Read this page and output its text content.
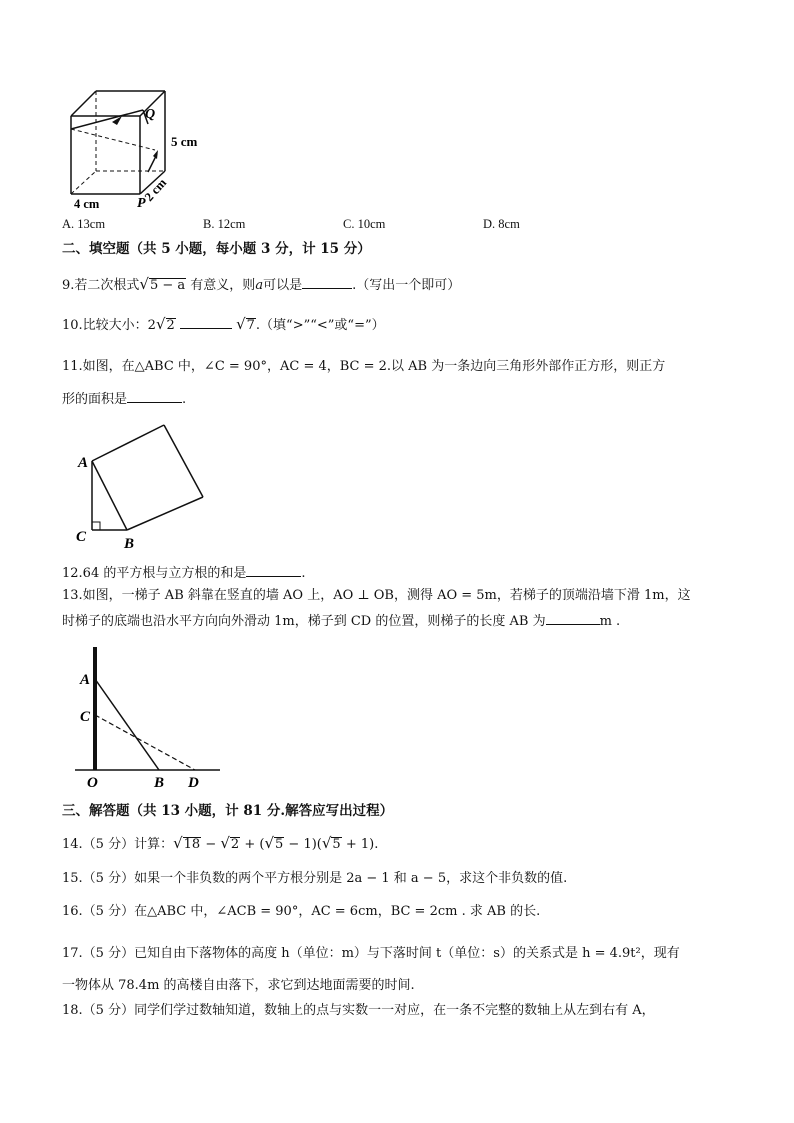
Q
5 cm
4 cm	P
2 cm
A. 13cm	B. 12cm	C. 10cm	D. 8cm
二、填空题（共 5 小题，每小题 3 分，计 15 分）
9.若二次根式√5 − a 有意义，则a可以是	.（写出一个即可）
10.比较大小：2√2	√7.（填“>”“<”或“=”）
11.如图，在△ABC 中，∠C = 90°，AC = 4，BC = 2.以 AB 为一条边向三角形外部作正方形，则正方
形的面积是	.
A
C	B
12.64 的平方根与立方根的和是	.
13.如图，一梯子 AB 斜靠在竖直的墙 AO 上，AO ⊥ OB，测得 AO = 5m，若梯子的顶端沿墙下滑 1m，这
时梯子的底端也沿水平方向向外滑动 1m，梯子到 CD 的位置，则梯子的长度 AB 为	m .
A
C
O	B D
三、解答题（共 13 小题，计 81 分.解答应写出过程）
14.（5 分）计算：√18 − √2 + (√5 − 1)(√5 + 1).
15.（5 分）如果一个非负数的两个平方根分别是 2a − 1 和 a − 5，求这个非负数的值.
16.（5 分）在△ABC 中，∠ACB = 90°，AC = 6cm，BC = 2cm . 求 AB 的长.
17.（5 分）已知自由下落物体的高度 h（单位：m）与下落时间 t（单位：s）的关系式是 h = 4.9t²，现有
一物体从 78.4m 的高楼自由落下，求它到达地面需要的时间.
18.（5 分）同学们学过数轴知道，数轴上的点与实数一一对应，在一条不完整的数轴上从左到右有 A，
